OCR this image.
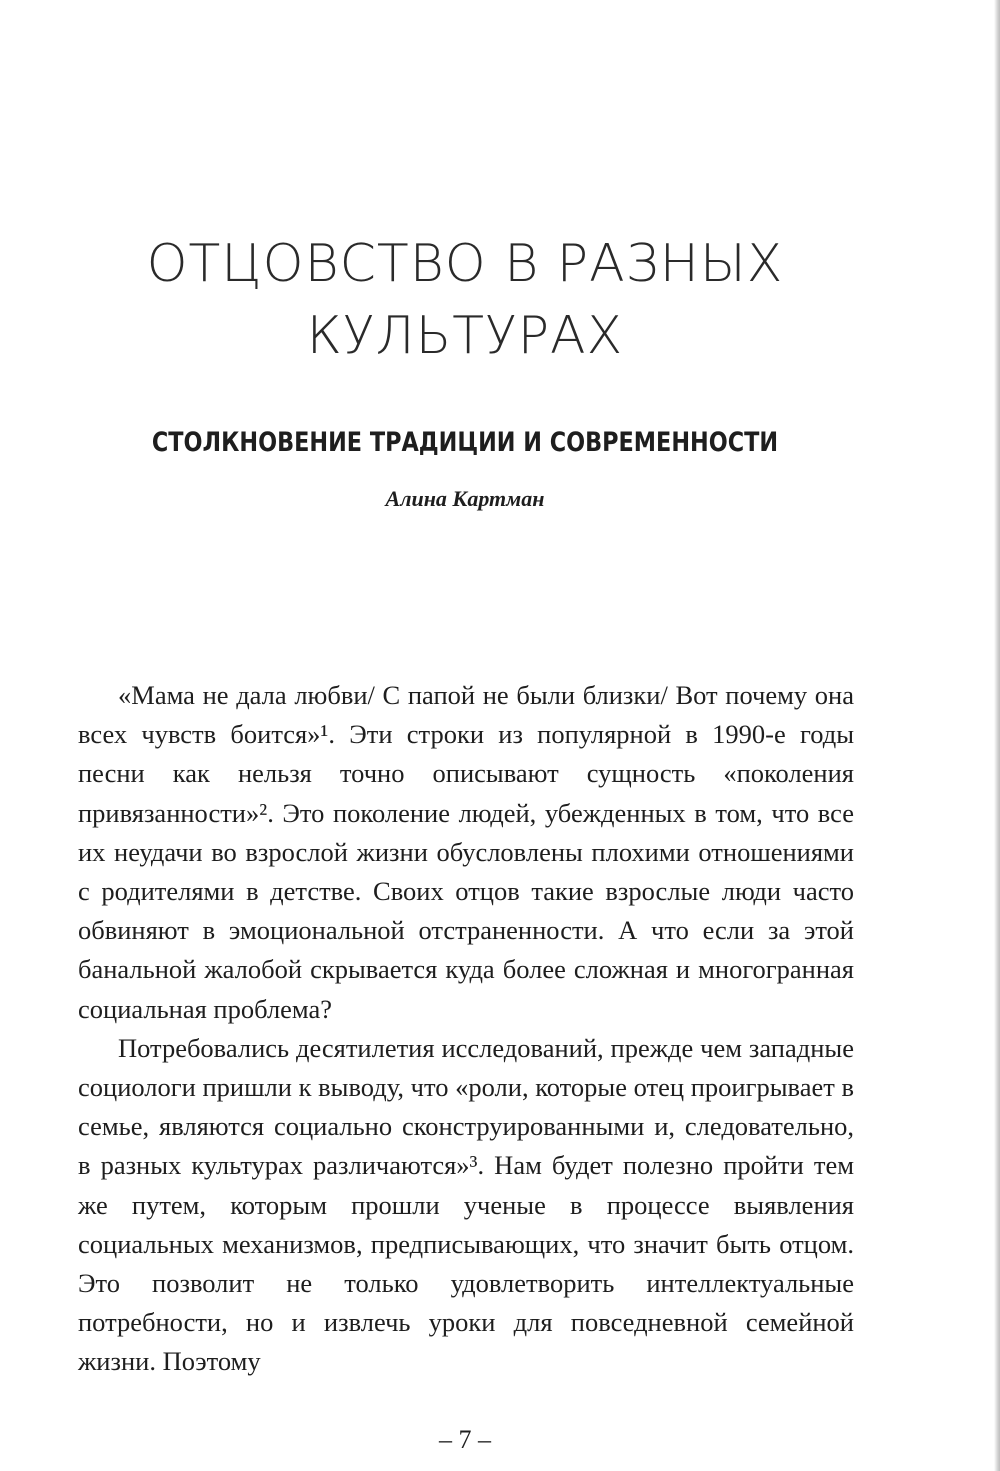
ОТЦОВСТВО В РАЗНЫХ
КУЛЬТУРАХ
СТОЛКНОВЕНИЕ ТРАДИЦИИ И СОВРЕМЕННОСТИ
Алина Картман

«Мама не дала любви/ С папой не были близки/ Вот почему она всех чувств боится»¹. Эти строки из популярной в 1990-е годы песни как нельзя точно описывают сущность «поколения привязанности»². Это поколение людей, убежденных в том, что все их неудачи во взрослой жизни обусловлены плохими отношениями с родителями в детстве. Своих отцов такие взрослые люди часто обвиняют в эмоциональной отстраненности. А что если за этой банальной жалобой скрывается куда более сложная и многогранная социальная проблема?

Потребовались десятилетия исследований, прежде чем западные социологи пришли к выводу, что «роли, которые отец проигрывает в семье, являются социально сконструированными и, следовательно, в разных культурах различаются»³. Нам будет полезно пройти тем же путем, которым прошли ученые в процессе выявления социальных механизмов, предписывающих, что значит быть отцом. Это позволит не только удовлетворить интеллектуальные потребности, но и извлечь уроки для повседневной семейной жизни. Поэтому

– 7 –
